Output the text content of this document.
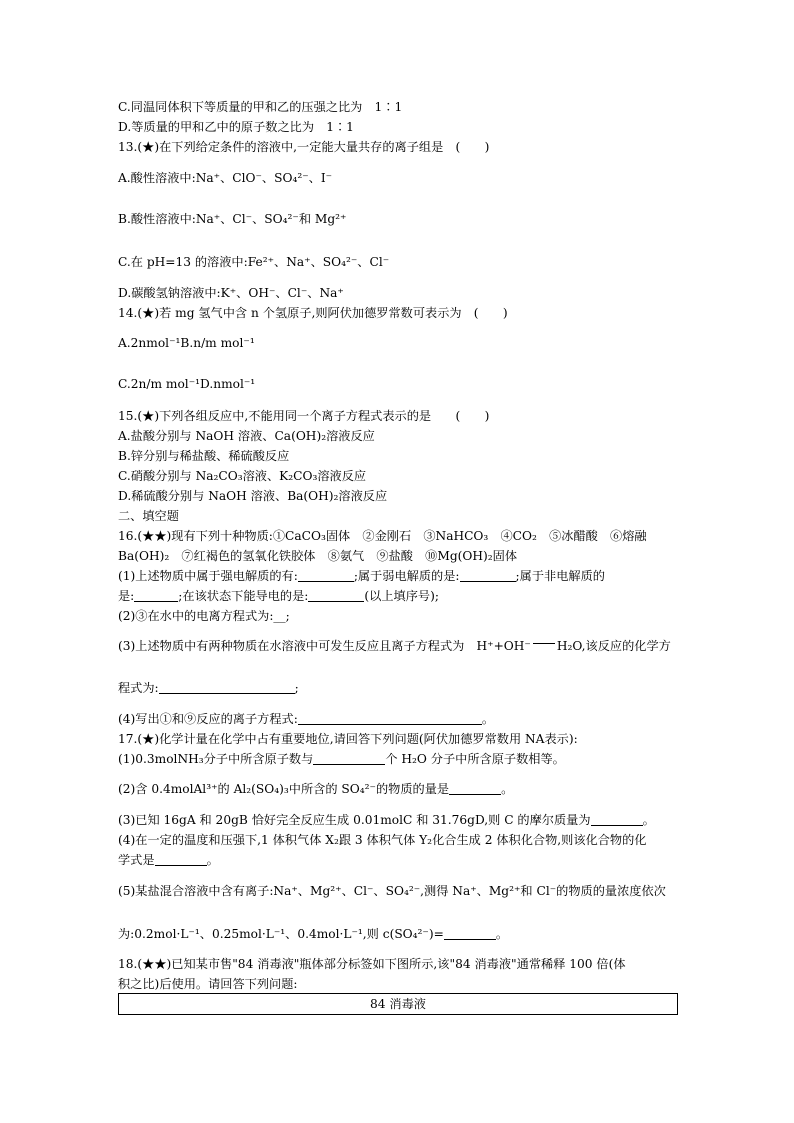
C.同温同体积下等质量的甲和乙的压强之比为　1∶1
D.等质量的甲和乙中的原子数之比为　1∶1
13.(★)在下列给定条件的溶液中,一定能大量共存的离子组是　(　　)
A.酸性溶液中:Na⁺、ClO⁻、SO₄²⁻、I⁻
B.酸性溶液中:Na⁺、Cl⁻、SO₄²⁻和 Mg²⁺
C.在 pH=13 的溶液中:Fe²⁺、Na⁺、SO₄²⁻、Cl⁻
D.碳酸氢钠溶液中:K⁺、OH⁻、Cl⁻、Na⁺
14.(★)若 mg 氢气中含 n 个氢原子,则阿伏加德罗常数可表示为　(　　)
A.2nmol⁻¹B.n/m mol⁻¹
C.2n/m mol⁻¹D.nmol⁻¹
15.(★)下列各组反应中,不能用同一个离子方程式表示的是　　(　　)
A.盐酸分别与 NaOH 溶液、Ca(OH)₂溶液反应
B.锌分别与稀盐酸、稀硫酸反应
C.硝酸分别与 Na₂CO₃溶液、K₂CO₃溶液反应
D.稀硫酸分别与 NaOH 溶液、Ba(OH)₂溶液反应
二、填空题
16.(★★)现有下列十种物质:①CaCO₃固体　②金刚石　③NaHCO₃　④CO₂　⑤冰醋酸　⑥熔融
Ba(OH)₂　⑦红褐色的氢氧化铁胶体　⑧氨气　⑨盐酸　⑩Mg(OH)₂固体
(1)上述物质中属于强电解质的有:	;属于弱电解质的是:	;属于非电解质的
是:	;在该状态下能导电的是:	(以上填序号);
(2)③在水中的电离方程式为:__;
(3)上述物质中有两种物质在水溶液中可发生反应且离子方程式为　H⁺+OH⁻ H₂O,该反应的化学方
程式为:	;
(4)写出①和⑨反应的离子方程式:	。
17.(★)化学计量在化学中占有重要地位,请回答下列问题(阿伏加德罗常数用 NA表示):
(1)0.3molNH₃分子中所含原子数与	个 H₂O 分子中所含原子数相等。
(2)含 0.4molAl³⁺的 Al₂(SO₄)₃中所含的 SO₄²⁻的物质的量是	。
(3)已知 16gA 和 20gB 恰好完全反应生成 0.01molC 和 31.76gD,则 C 的摩尔质量为	。
(4)在一定的温度和压强下,1 体积气体 X₂跟 3 体积气体 Y₂化合生成 2 体积化合物,则该化合物的化
学式是	。
(5)某盐混合溶液中含有离子:Na⁺、Mg²⁺、Cl⁻、SO₄²⁻,测得 Na⁺、Mg²⁺和 Cl⁻的物质的量浓度依次
为:0.2mol·L⁻¹、0.25mol·L⁻¹、0.4mol·L⁻¹,则 c(SO₄²⁻)=	。
18.(★★)已知某市售"84 消毒液"瓶体部分标签如下图所示,该"84 消毒液"通常稀释 100 倍(体
积之比)后使用。请回答下列问题:
84 消毒液
